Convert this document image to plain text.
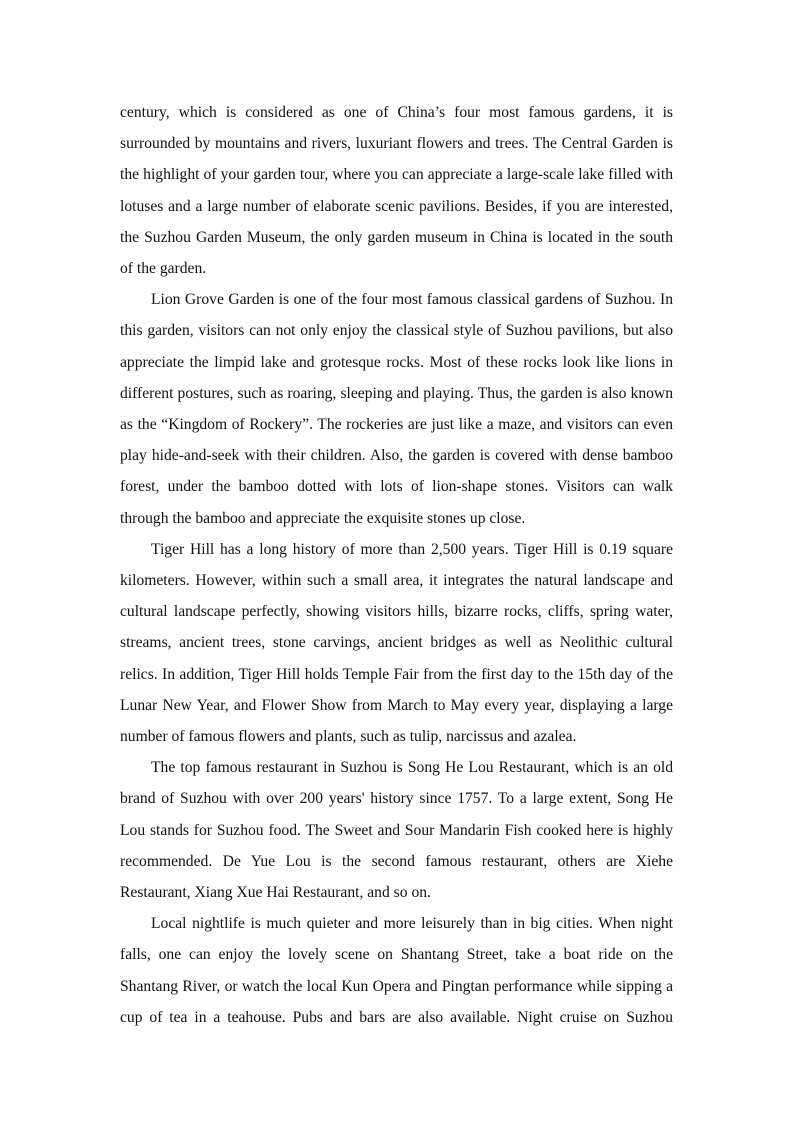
century, which is considered as one of China’s four most famous gardens, it is surrounded by mountains and rivers, luxuriant flowers and trees. The Central Garden is the highlight of your garden tour, where you can appreciate a large-scale lake filled with lotuses and a large number of elaborate scenic pavilions. Besides, if you are interested, the Suzhou Garden Museum, the only garden museum in China is located in the south of the garden.

Lion Grove Garden is one of the four most famous classical gardens of Suzhou. In this garden, visitors can not only enjoy the classical style of Suzhou pavilions, but also appreciate the limpid lake and grotesque rocks. Most of these rocks look like lions in different postures, such as roaring, sleeping and playing. Thus, the garden is also known as the “Kingdom of Rockery”. The rockeries are just like a maze, and visitors can even play hide-and-seek with their children. Also, the garden is covered with dense bamboo forest, under the bamboo dotted with lots of lion-shape stones. Visitors can walk through the bamboo and appreciate the exquisite stones up close.

Tiger Hill has a long history of more than 2,500 years. Tiger Hill is 0.19 square kilometers. However, within such a small area, it integrates the natural landscape and cultural landscape perfectly, showing visitors hills, bizarre rocks, cliffs, spring water, streams, ancient trees, stone carvings, ancient bridges as well as Neolithic cultural relics. In addition, Tiger Hill holds Temple Fair from the first day to the 15th day of the Lunar New Year, and Flower Show from March to May every year, displaying a large number of famous flowers and plants, such as tulip, narcissus and azalea.

The top famous restaurant in Suzhou is Song He Lou Restaurant, which is an old brand of Suzhou with over 200 years' history since 1757. To a large extent, Song He Lou stands for Suzhou food. The Sweet and Sour Mandarin Fish cooked here is highly recommended. De Yue Lou is the second famous restaurant, others are Xiehe Restaurant, Xiang Xue Hai Restaurant, and so on.

Local nightlife is much quieter and more leisurely than in big cities. When night falls, one can enjoy the lovely scene on Shantang Street, take a boat ride on the Shantang River, or watch the local Kun Opera and Pingtan performance while sipping a cup of tea in a teahouse. Pubs and bars are also available. Night cruise on Suzhou
